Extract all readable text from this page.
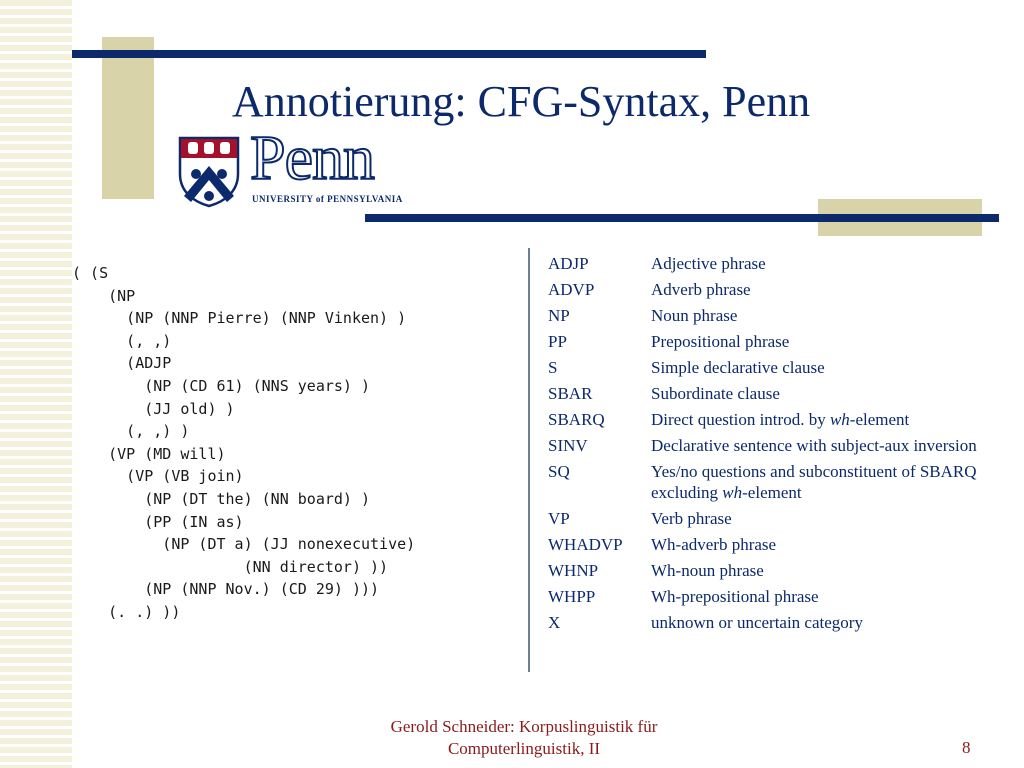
Annotierung: CFG-Syntax, Penn
Penn
UNIVERSITY of PENNSYLVANIA
( (S
(NP
(NP (NNP Pierre) (NNP Vinken) )
(, ,)
(ADJP
(NP (CD 61) (NNS years) )
(JJ old) )
(, ,) )
(VP (MD will)
(VP (VB join)
(NP (DT the) (NN board) )
(PP (IN as)
(NP (DT a) (JJ nonexecutive)
(NN director) ))
(NP (NNP Nov.) (CD 29) )))
(. .) ))
ADJP	Adjective phrase
ADVP	Adverb phrase
NP	Noun phrase
PP	Prepositional phrase
S	Simple declarative clause
SBAR	Subordinate clause
SBARQ	Direct question introd. by wh-element
SINV	Declarative sentence with subject-aux inversion
SQ	Yes/no questions and subconstituent of SBARQ excluding wh-element
VP	Verb phrase
WHADVP	Wh-adverb phrase
WHNP	Wh-noun phrase
WHPP	Wh-prepositional phrase
X	unknown or uncertain category
Gerold Schneider: Korpuslinguistik für
Computerlinguistik, II	8
